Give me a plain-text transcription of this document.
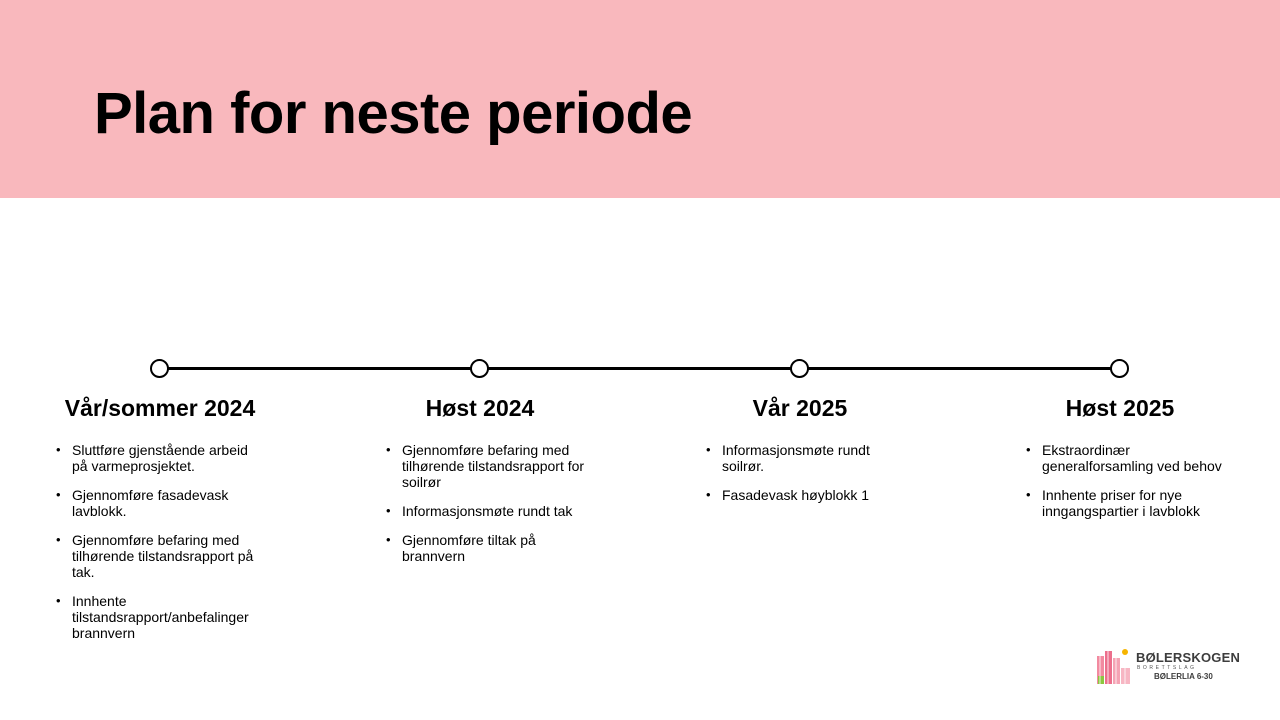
Plan for neste periode
Vår/sommer 2024
• Sluttføre gjenstående arbeid på varmeprosjektet.
• Gjennomføre fasadevask lavblokk.
• Gjennomføre befaring med tilhørende tilstandsrapport på tak.
• Innhente tilstandsrapport/anbefalinger brannvern
Høst 2024
• Gjennomføre befaring med tilhørende tilstandsrapport for soilrør
• Informasjonsmøte rundt tak
• Gjennomføre tiltak på brannvern
Vår 2025
• Informasjonsmøte rundt soilrør.
• Fasadevask høyblokk 1
Høst 2025
• Ekstraordinær generalforsamling ved behov
• Innhente priser for nye inngangspartier i lavblokk
BØLERSKOGEN
BORETTSLAG
BØLERLIA 6-30
